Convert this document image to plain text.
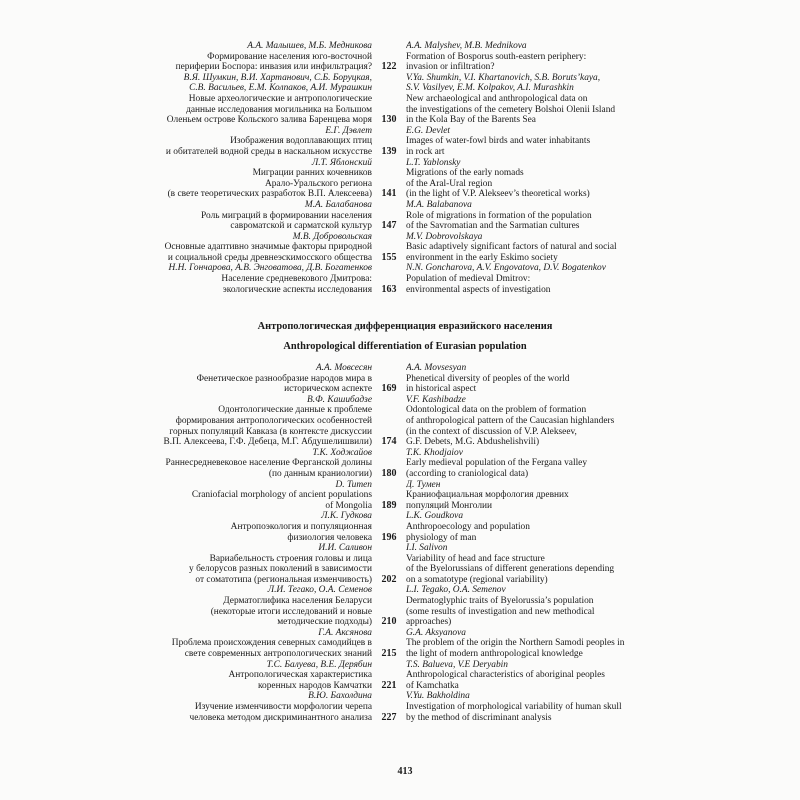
А.А. Малышев, М.Б. Медникова
Формирование населения юго-восточной
периферии Боспора: инвазия или инфильтрация? 122
A.A. Malyshev, M.B. Mednikova
Formation of Bosporus south-eastern periphery:
invasion or infiltration?
В.Я. Шумкин, В.И. Хартанович, С.Б. Боруцкая,
С.В. Васильев, Е.М. Колпаков, А.И. Мурашкин
Новые археологические и антропологические
данные исследования могильника на Большом
Оленьем острове Кольского залива Баренцева моря 130
V.Ya. Shumkin, V.I. Khartanovich, S.B. Boruts’kaya,
S.V. Vasilyev, E.M. Kolpakov, A.I. Murashkin
New archaeological and anthropological data on
the investigations of the cemetery Bolshoi Olenii Island
in the Kola Bay of the Barents Sea
Е.Г. Дэвлет
Изображения водоплавающих птиц
и обитателей водной среды в наскальном искусстве 139
E.G. Devlet
Images of water-fowl birds and water inhabitants
in rock art
Л.Т. Яблонский
Миграции ранних кочевников
Арало-Уральского региона
(в свете теоретических разработок В.П. Алексеева) 141
L.T. Yablonsky
Migrations of the early nomads
of the Aral-Ural region
(in the light of V.P. Alekseev’s theoretical works)
М.А. Балабанова
Роль миграций в формировании населения
савроматской и сарматской культур 147
M.A. Balabanova
Role of migrations in formation of the population
of the Savromatian and the Sarmatian cultures
М.В. Добровольская
Основные адаптивно значимые факторы природной
и социальной среды древнеэскимосского общества 155
M.V. Dobrovolskaya
Basic adaptively significant factors of natural and social
environment in the early Eskimo society
Н.Н. Гончарова, А.В. Энговатова, Д.В. Богатенков
Население средневекового Дмитрова:
экологические аспекты исследования 163
N.N. Goncharova, A.V. Engovatova, D.V. Bogatenkov
Population of medieval Dmitrov:
environmental aspects of investigation
Антропологическая дифференциация евразийского населения
Anthropological differentiation of Eurasian population
А.А. Мовсесян
Фенетическое разнообразие народов мира в
историческом аспекте 169
A.A. Movsesyan
Phenetical diversity of peoples of the world
in historical aspect
В.Ф. Кашибадзе
Одонтологические данные к проблеме
формирования антропологических особенностей
горных популяций Кавказа (в контексте дискуссии
В.П. Алексеева, Г.Ф. Дебеца, М.Г. Абдушелишвили) 174
V.F. Kashibadze
Odontological data on the problem of formation
of anthropological pattern of the Caucasian highlanders
(in the context of discussion of V.P. Alekseev,
G.F. Debets, M.G. Abdushelishvili)
Т.К. Ходжайов
Раннесредневековое население Ферганской долины
(по данным краниологии) 180
T.K. Khodjaiov
Early medieval population of the Fergana valley
(according to craniological data)
D. Tumen
Craniofacial morphology of ancient populations
of Mongolia 189
Д. Тумен
Краниофациальная морфология древних
популяций Монголии
Л.К. Гудкова
Антропоэкология и популяционная
физиология человека 196
L.K. Goudkova
Anthropoecology and population
physiology of man
И.И. Саливон
Вариабельность строения головы и лица
у белорусов разных поколений в зависимости
от соматотипа (региональная изменчивость) 202
I.I. Salivon
Variability of head and face structure
of the Byelorussians of different generations depending
on a somatotype (regional variability)
Л.И. Тегако, О.А. Семенов
Дерматоглифика населения Беларуси
(некоторые итоги исследований и новые
методические подходы) 210
L.I. Tegako, O.A. Semenov
Dermatoglyphic traits of Byelorussia’s population
(some results of investigation and new methodical
approaches)
Г.А. Аксянова
Проблема происхождения северных самодийцев в
свете современных антропологических знаний 215
G.A. Aksyanova
The problem of the origin the Northern Samodi peoples in
the light of modern anthropological knowledge
Т.С. Балуева, В.Е. Дерябин
Антропологическая характеристика
коренных народов Камчатки 221
T.S. Balueva, V.E Deryabin
Anthropological characteristics of aboriginal peoples
of Kamchatka
В.Ю. Бахолдина
Изучение изменчивости морфологии черепа
человека методом дискриминантного анализа 227
V.Yu. Bakholdina
Investigation of morphological variability of human skull
by the method of discriminant analysis
413
